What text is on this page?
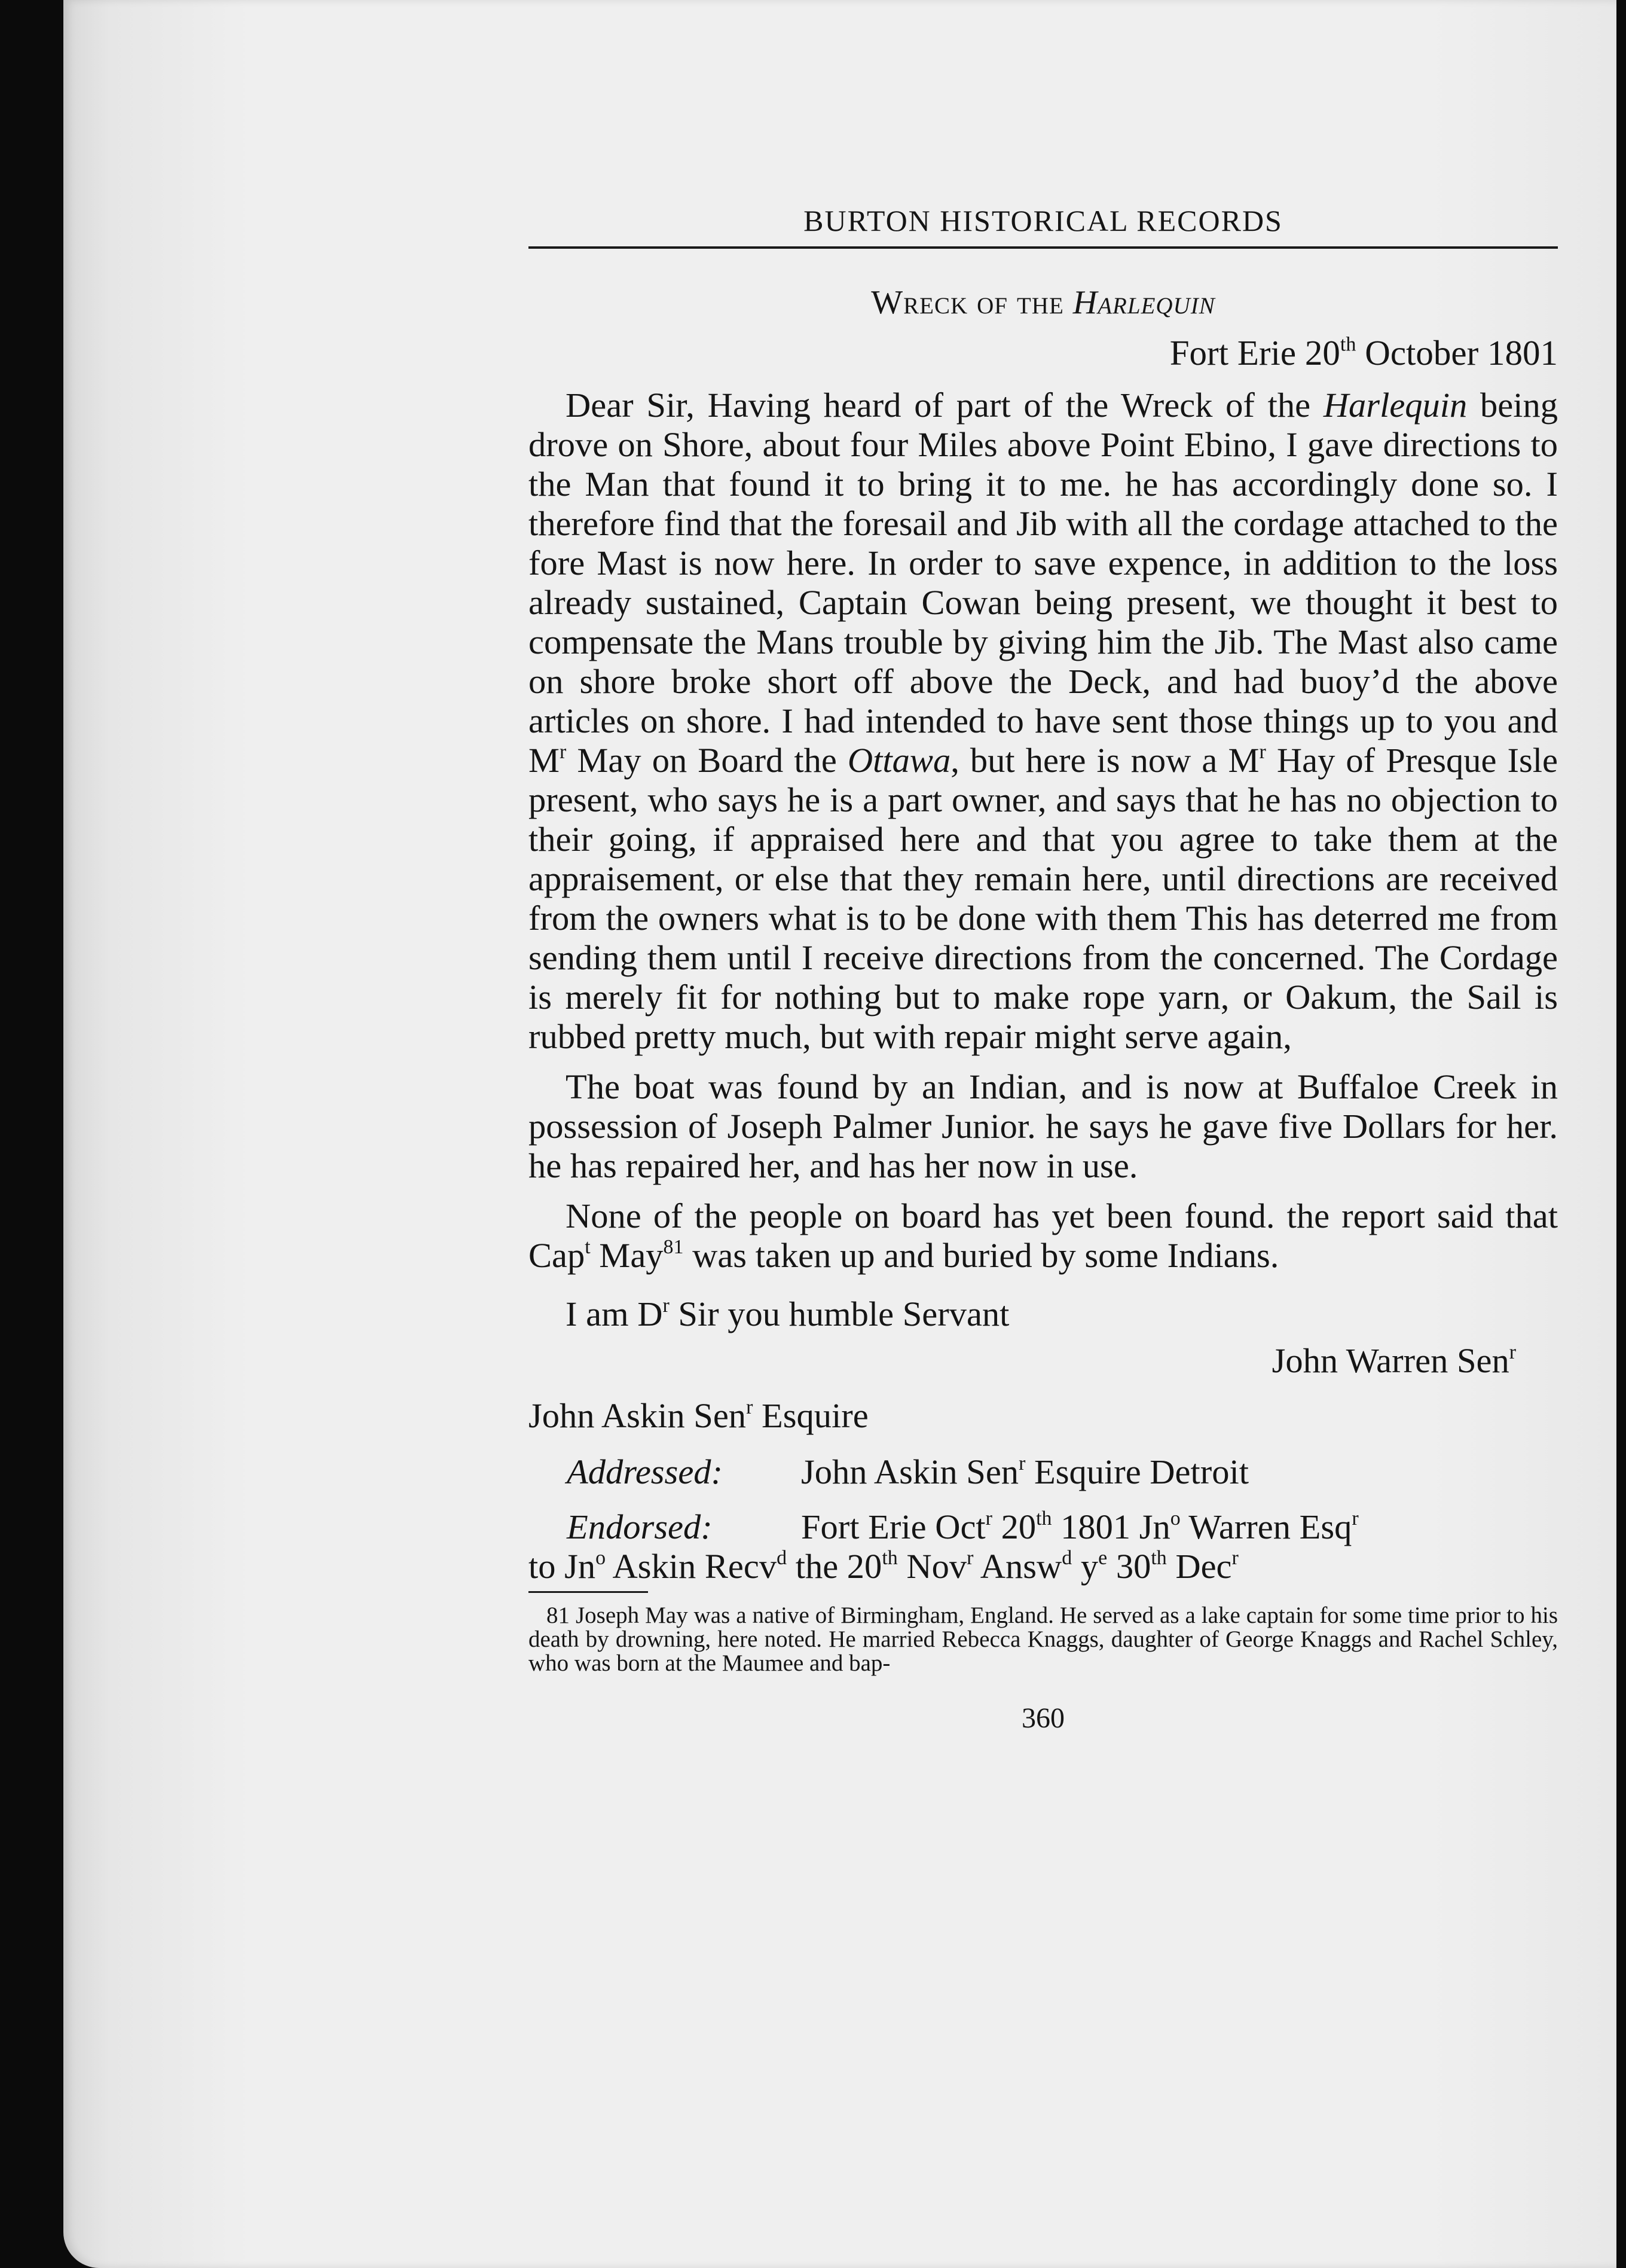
BURTON HISTORICAL RECORDS
Wreck of the Harlequin
Fort Erie 20th October 1801

Dear Sir, Having heard of part of the Wreck of the Harlequin being drove on Shore, about four Miles above Point Ebino, I gave directions to the Man that found it to bring it to me. he has accordingly done so. I therefore find that the foresail and Jib with all the cordage attached to the fore Mast is now here. In order to save expence, in addition to the loss already sustained, Captain Cowan being present, we thought it best to compensate the Mans trouble by giving him the Jib. The Mast also came on shore broke short off above the Deck, and had buoy’d the above articles on shore. I had intended to have sent those things up to you and $M^r$ May on Board the Ottawa, but here is now a $M^r$ Hay of Presque Isle present, who says he is a part owner, and says that he has no objection to their going, if appraised here and that you agree to take them at the appraisement, or else that they remain here, until directions are received from the owners what is to be done with them This has deterred me from sending them until I receive directions from the concerned. The Cordage is merely fit for nothing but to make rope yarn, or Oakum, the Sail is rubbed pretty much, but with repair might serve again,

The boat was found by an Indian, and is now at Buffaloe Creek in possession of Joseph Palmer Junior. he says he gave five Dollars for her. he has repaired her, and has her now in use.

None of the people on board has yet been found. the report said that Cap$^t$ May$^{81}$ was taken up and buried by some Indians.

I am $D^r$ Sir you humble Servant
John Warren Sen$^r$
John Askin Sen$^r$ Esquire
Addressed: John Askin Sen$^r$ Esquire Detroit
Endorsed:	Fort Erie Oct$^r$ 20th 1801 Jn$^o$ Warren Esq$^r$
to Jn$^o$ Askin Recv$^d$ the 20th Nov$^r$ Answ$^d$ $y^e$ 30th Dec$^r$
81 Joseph May was a native of Birmingham, England. He served as a lake captain for some time prior to his death by drowning, here noted. He married Rebecca Knaggs, daughter of George Knaggs and Rachel Schley, who was born at the Maumee and bap-
360
